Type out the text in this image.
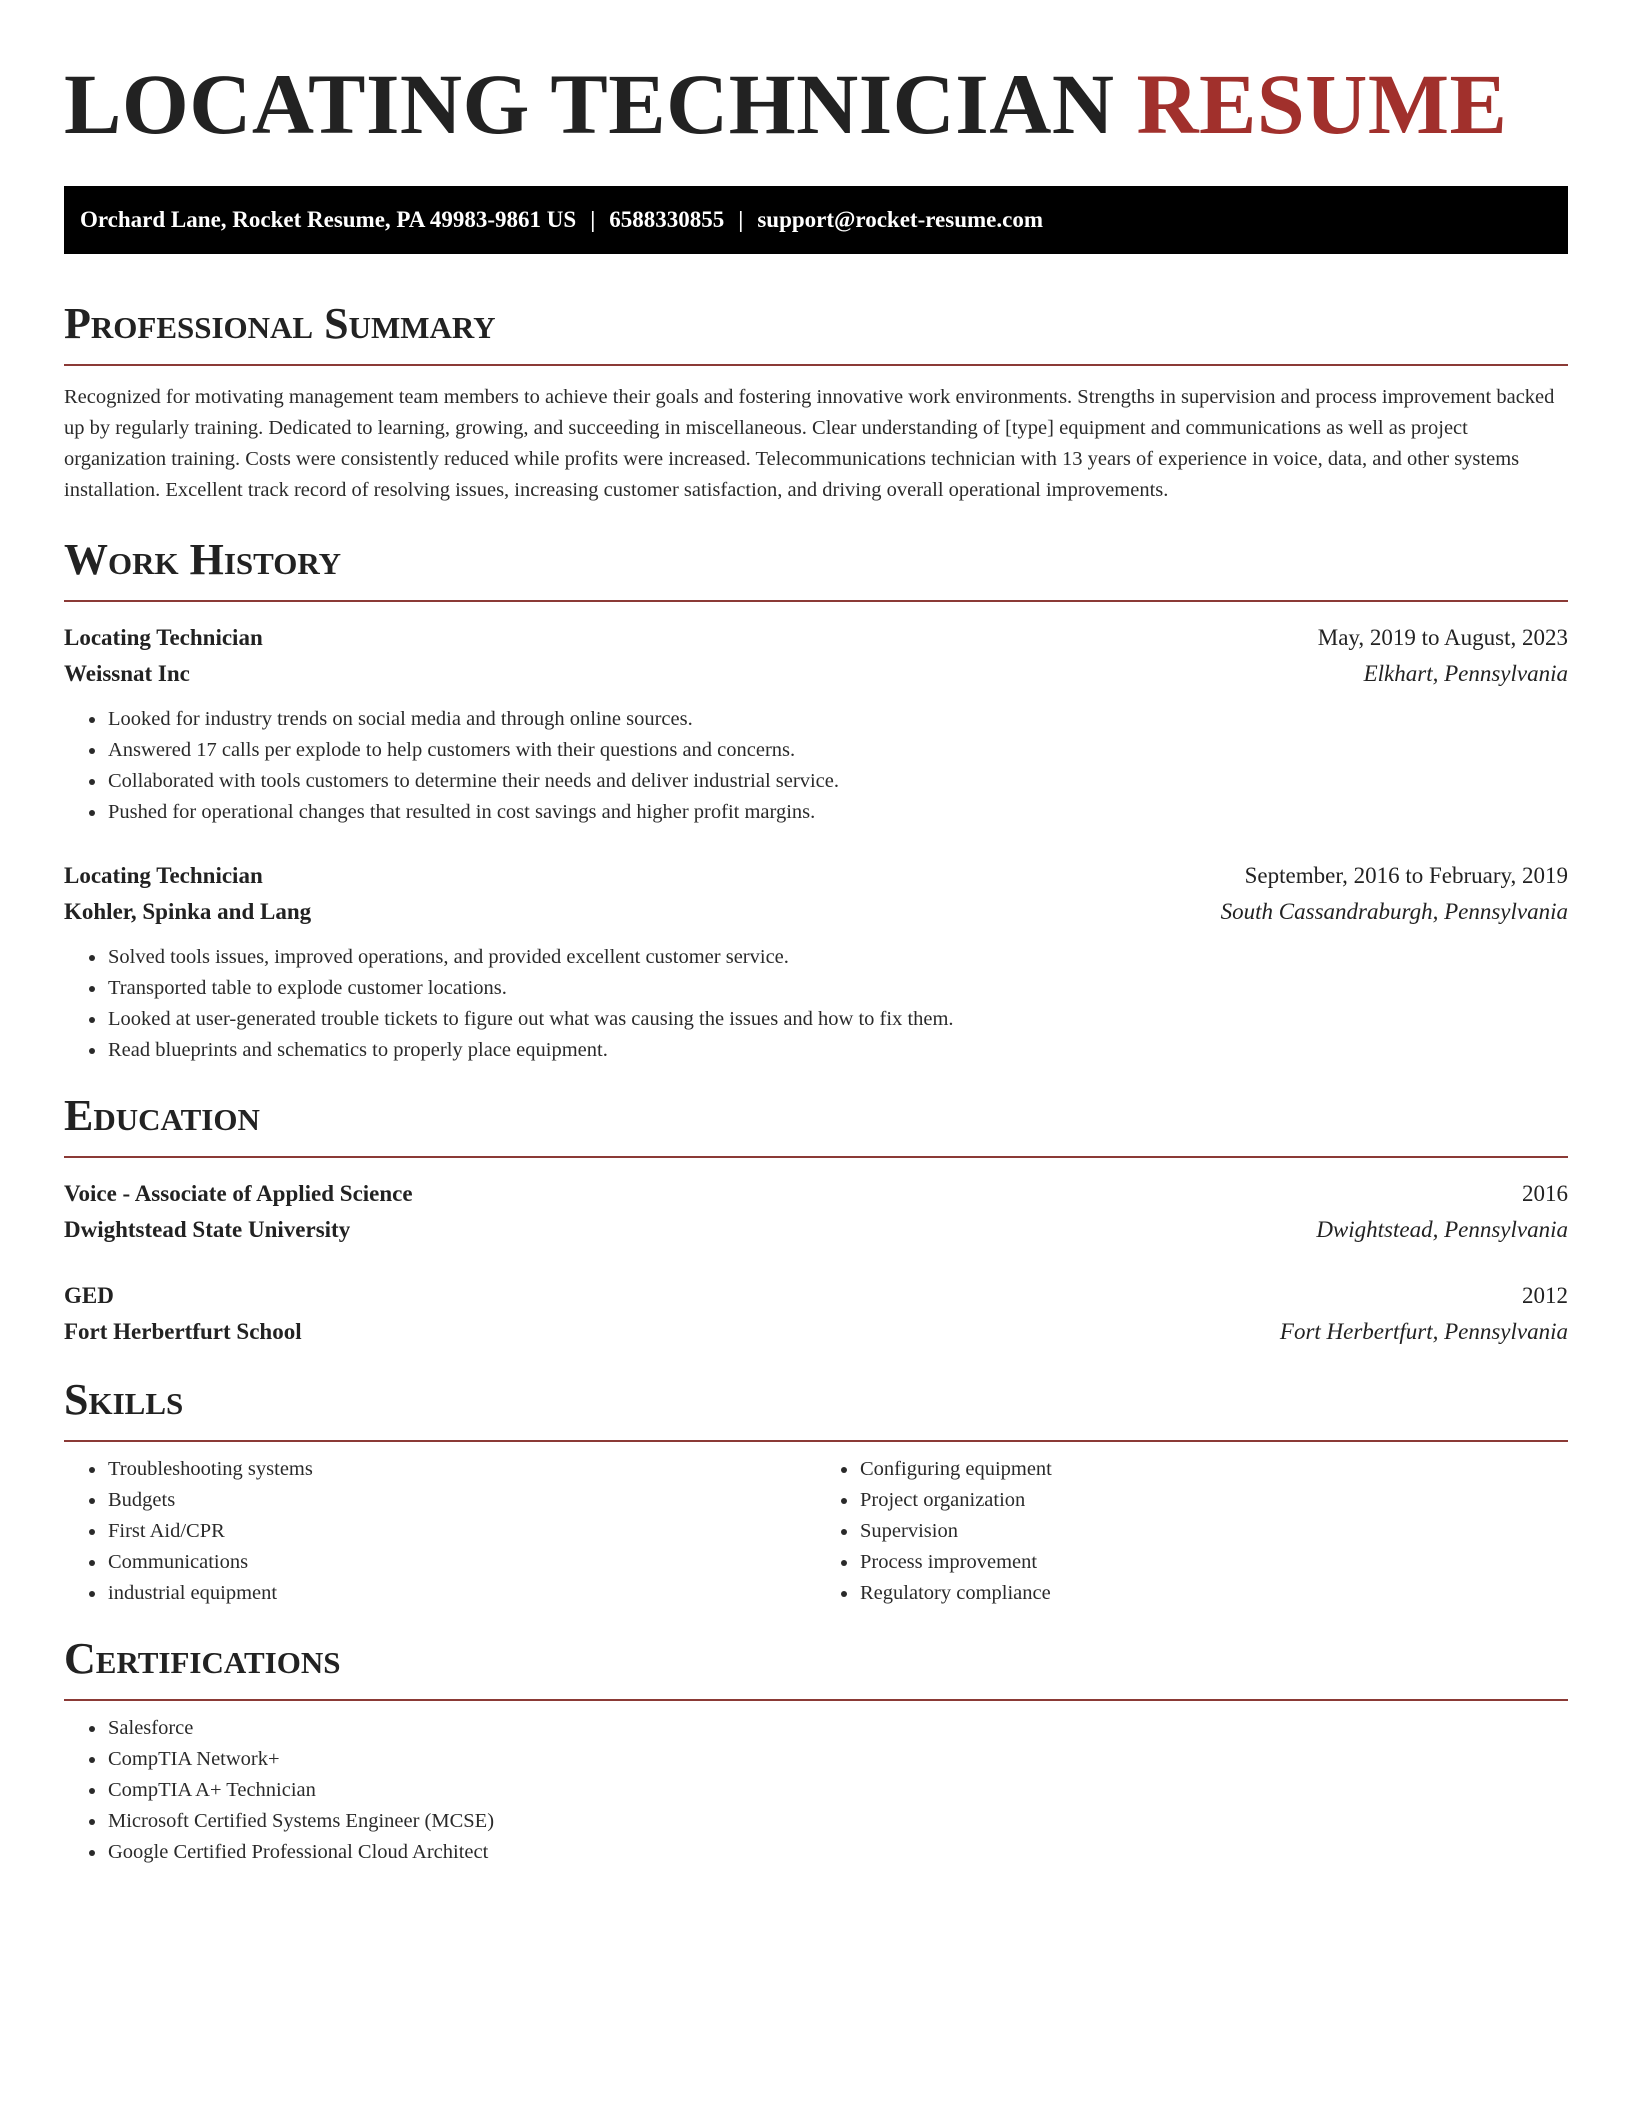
LOCATING TECHNICIAN RESUME
Orchard Lane, Rocket Resume, PA 49983-9861 US | 6588330855 | support@rocket-resume.com
Professional Summary

Recognized for motivating management team members to achieve their goals and fostering innovative work environments. Strengths in supervision and process improvement backed up by regularly training. Dedicated to learning, growing, and succeeding in miscellaneous. Clear understanding of [type] equipment and communications as well as project organization training. Costs were consistently reduced while profits were increased. Telecommunications technician with 13 years of experience in voice, data, and other systems installation. Excellent track record of resolving issues, increasing customer satisfaction, and driving overall operational improvements.

Work History
Locating Technician	May, 2019 to August, 2023
Weissnat Inc	Elkhart, Pennsylvania
• Looked for industry trends on social media and through online sources.
• Answered 17 calls per explode to help customers with their questions and concerns.
• Collaborated with tools customers to determine their needs and deliver industrial service.
• Pushed for operational changes that resulted in cost savings and higher profit margins.
Locating Technician	September, 2016 to February, 2019
Kohler, Spinka and Lang	South Cassandraburgh, Pennsylvania
• Solved tools issues, improved operations, and provided excellent customer service.
• Transported table to explode customer locations.
• Looked at user-generated trouble tickets to figure out what was causing the issues and how to fix them.
• Read blueprints and schematics to properly place equipment.
Education
Voice - Associate of Applied Science	2016
Dwightstead State University	Dwightstead, Pennsylvania
GED	2012
Fort Herbertfurt School	Fort Herbertfurt, Pennsylvania
Skills
• Troubleshooting systems
• Budgets
• First Aid/CPR
• Communications
• industrial equipment
• Configuring equipment
• Project organization
• Supervision
• Process improvement
• Regulatory compliance
Certifications
• Salesforce
• CompTIA Network+
• CompTIA A+ Technician
• Microsoft Certified Systems Engineer (MCSE)
• Google Certified Professional Cloud Architect
